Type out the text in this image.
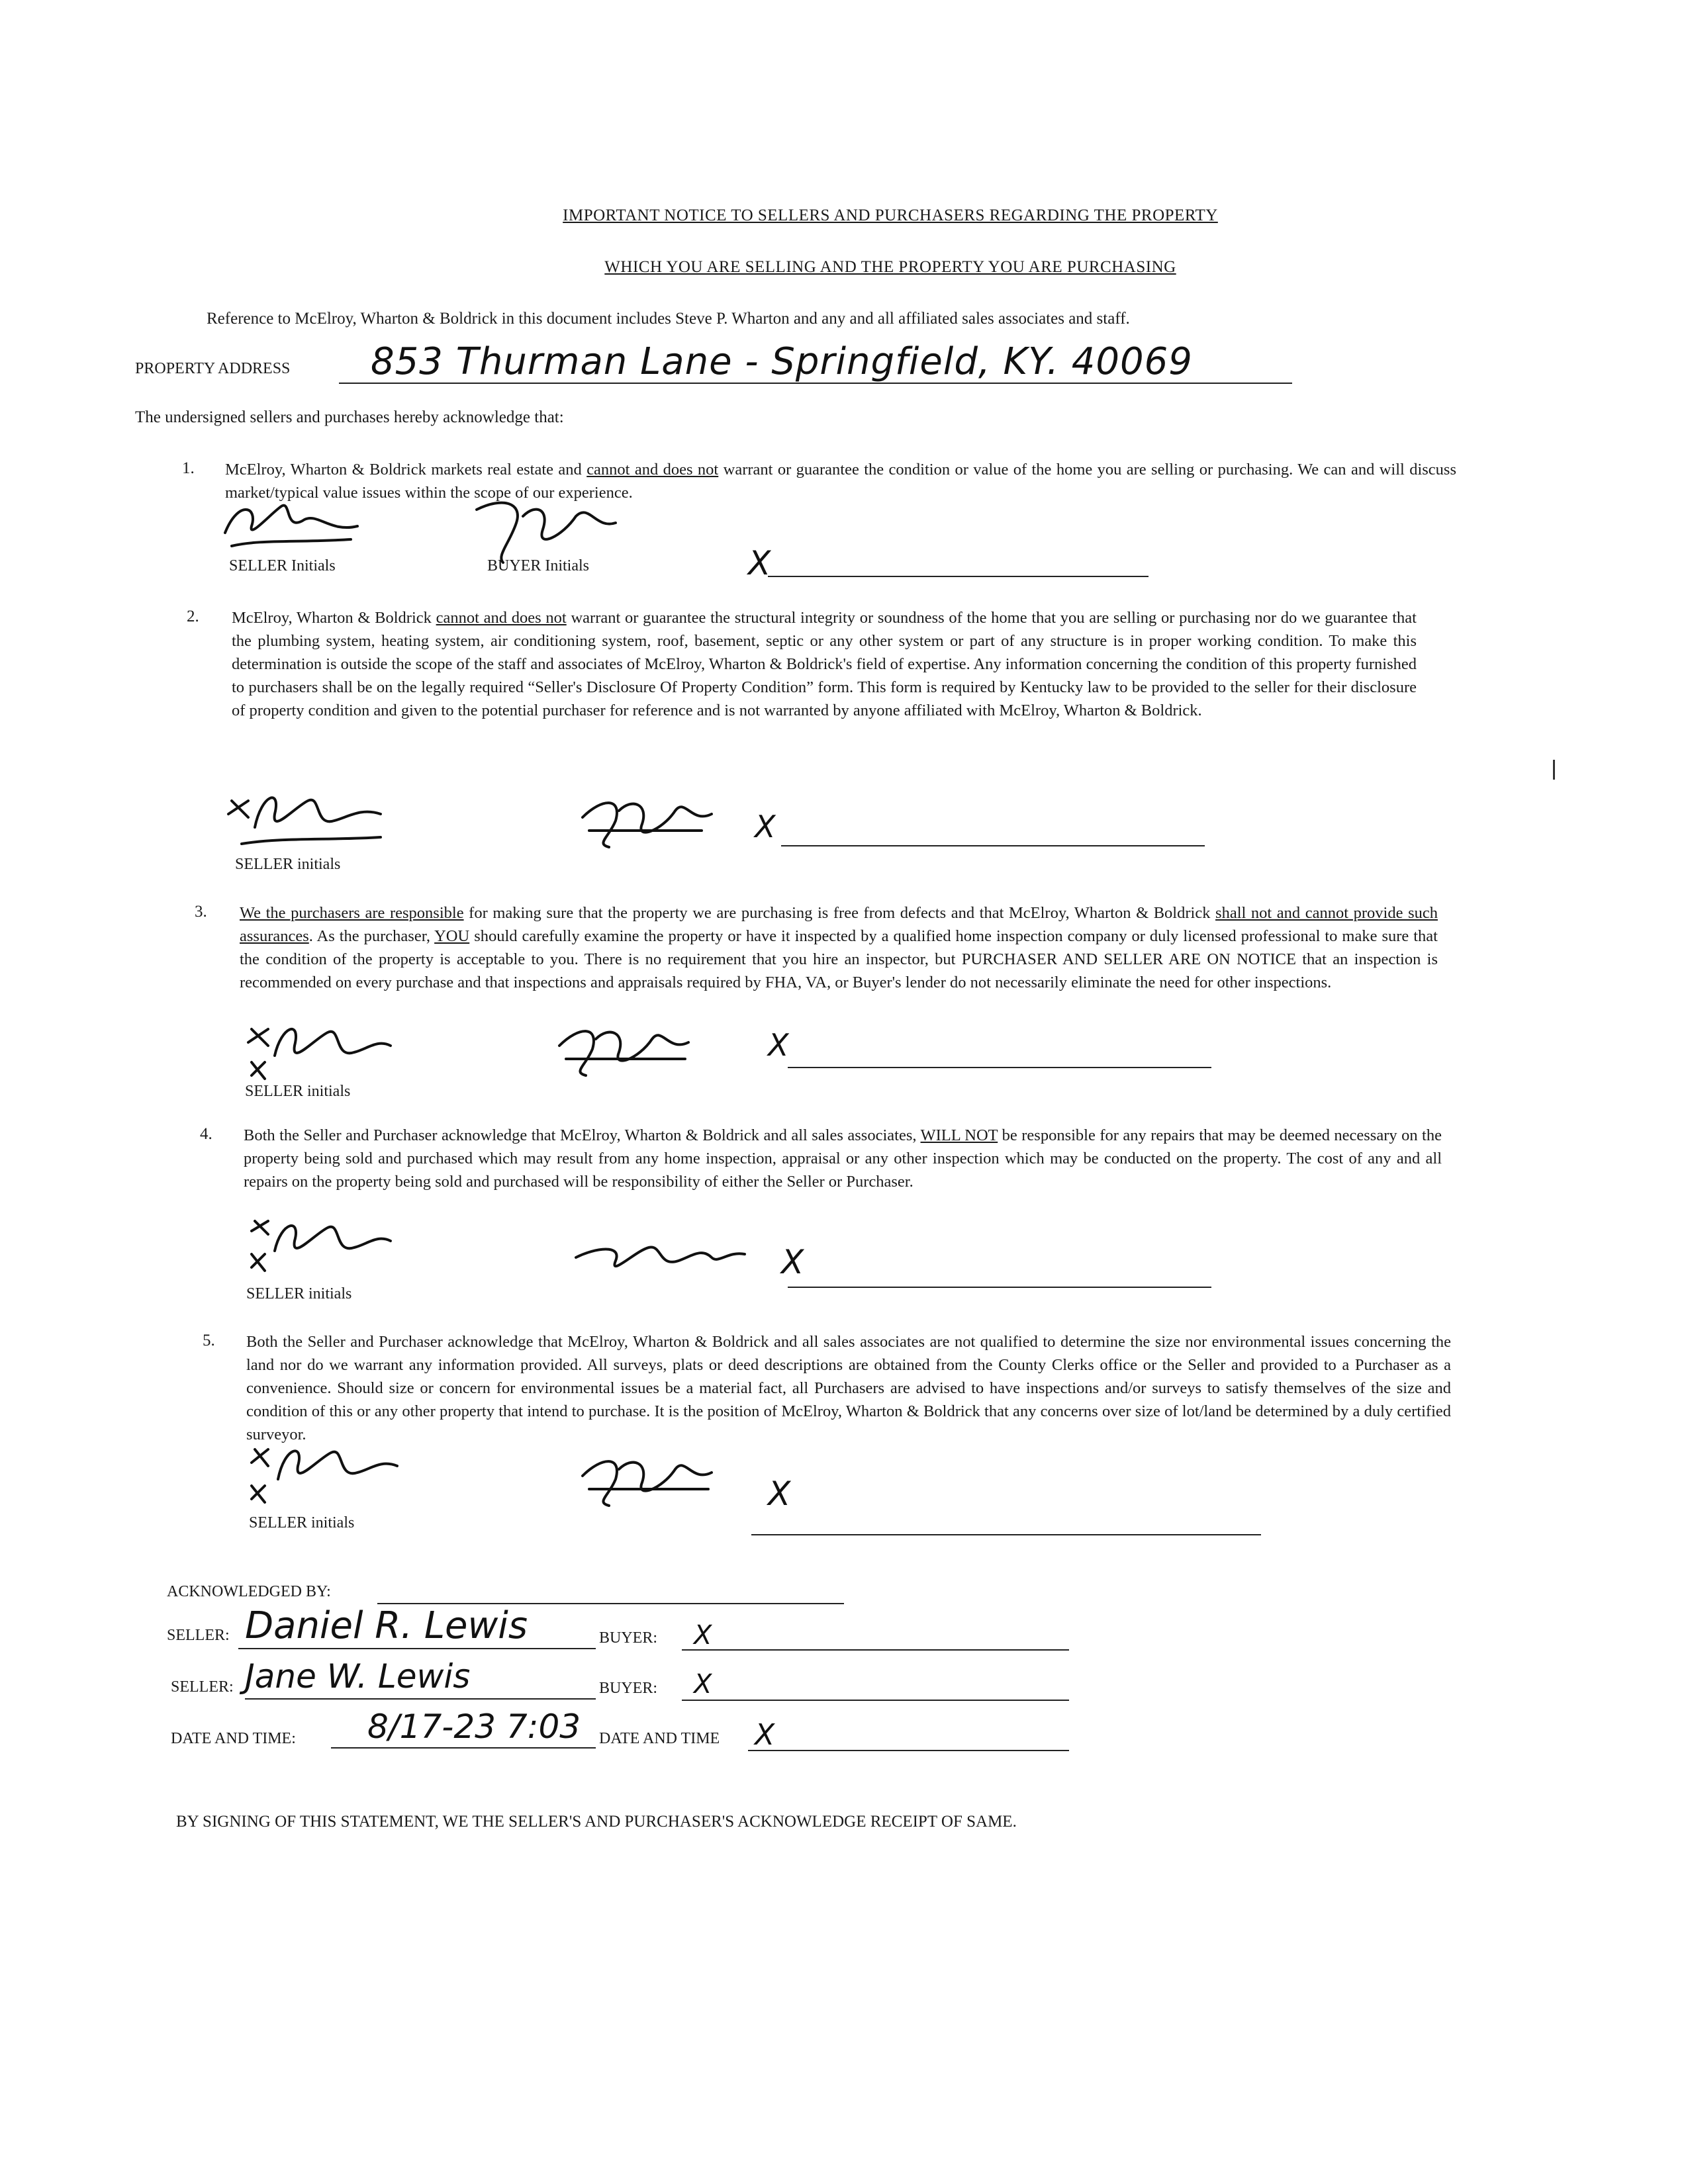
IMPORTANT NOTICE TO SELLERS AND PURCHASERS REGARDING THE PROPERTY
WHICH YOU ARE SELLING AND THE PROPERTY YOU ARE PURCHASING
Reference to McElroy, Wharton & Boldrick in this document includes Steve P. Wharton and any and all affiliated sales associates and staff.
PROPERTY ADDRESS 853 Thurman Lane - Springfield, KY. 40069
The undersigned sellers and purchases hereby acknowledge that:
1. McElroy, Wharton & Boldrick markets real estate and cannot and does not warrant or guarantee the condition or value of the home you are selling or purchasing. We can and will discuss market/typical value issues within the scope of our experience.
SELLER Initials	BUYER Initials	X
2. McElroy, Wharton & Boldrick cannot and does not warrant or guarantee the structural integrity or soundness of the home that you are selling or purchasing nor do we guarantee that the plumbing system, heating system, air conditioning system, roof, basement, septic or any other system or part of any structure is in proper working condition. To make this determination is outside the scope of the staff and associates of McElroy, Wharton & Boldrick's field of expertise. Any information concerning the condition of this property furnished to purchasers shall be on the legally required “Seller's Disclosure Of Property Condition” form. This form is required by Kentucky law to be provided to the seller for their disclosure of property condition and given to the potential purchaser for reference and is not warranted by anyone affiliated with McElroy, Wharton & Boldrick.
X
SELLER initials
3. We the purchasers are responsible for making sure that the property we are purchasing is free from defects and that McElroy, Wharton & Boldrick shall not and cannot provide such assurances. As the purchaser, YOU should carefully examine the property or have it inspected by a qualified home inspection company or duly licensed professional to make sure that the condition of the property is acceptable to you. There is no requirement that you hire an inspector, but PURCHASER AND SELLER ARE ON NOTICE that an inspection is recommended on every purchase and that inspections and appraisals required by FHA, VA, or Buyer's lender do not necessarily eliminate the need for other inspections.
X
SELLER initials
4. Both the Seller and Purchaser acknowledge that McElroy, Wharton & Boldrick and all sales associates, WILL NOT be responsible for any repairs that may be deemed necessary on the property being sold and purchased which may result from any home inspection, appraisal or any other inspection which may be conducted on the property. The cost of any and all repairs on the property being sold and purchased will be responsibility of either the Seller or Purchaser.
X
SELLER initials
5. Both the Seller and Purchaser acknowledge that McElroy, Wharton & Boldrick and all sales associates are not qualified to determine the size nor environmental issues concerning the land nor do we warrant any information provided. All surveys, plats or deed descriptions are obtained from the County Clerks office or the Seller and provided to a Purchaser as a convenience. Should size or concern for environmental issues be a material fact, all Purchasers are advised to have inspections and/or surveys to satisfy themselves of the size and condition of this or any other property that intend to purchase. It is the position of McElroy, Wharton & Boldrick that any concerns over size of lot/land be determined by a duly certified surveyor.
X
SELLER initials
ACKNOWLEDGED BY:
SELLER: Daniel R. Lewis	BUYER: X
SELLER: Jane W. Lewis	BUYER: X
DATE AND TIME: 8/17-23 7:03 DATE AND TIME X
BY SIGNING OF THIS STATEMENT, WE THE SELLER'S AND PURCHASER'S ACKNOWLEDGE RECEIPT OF SAME.
